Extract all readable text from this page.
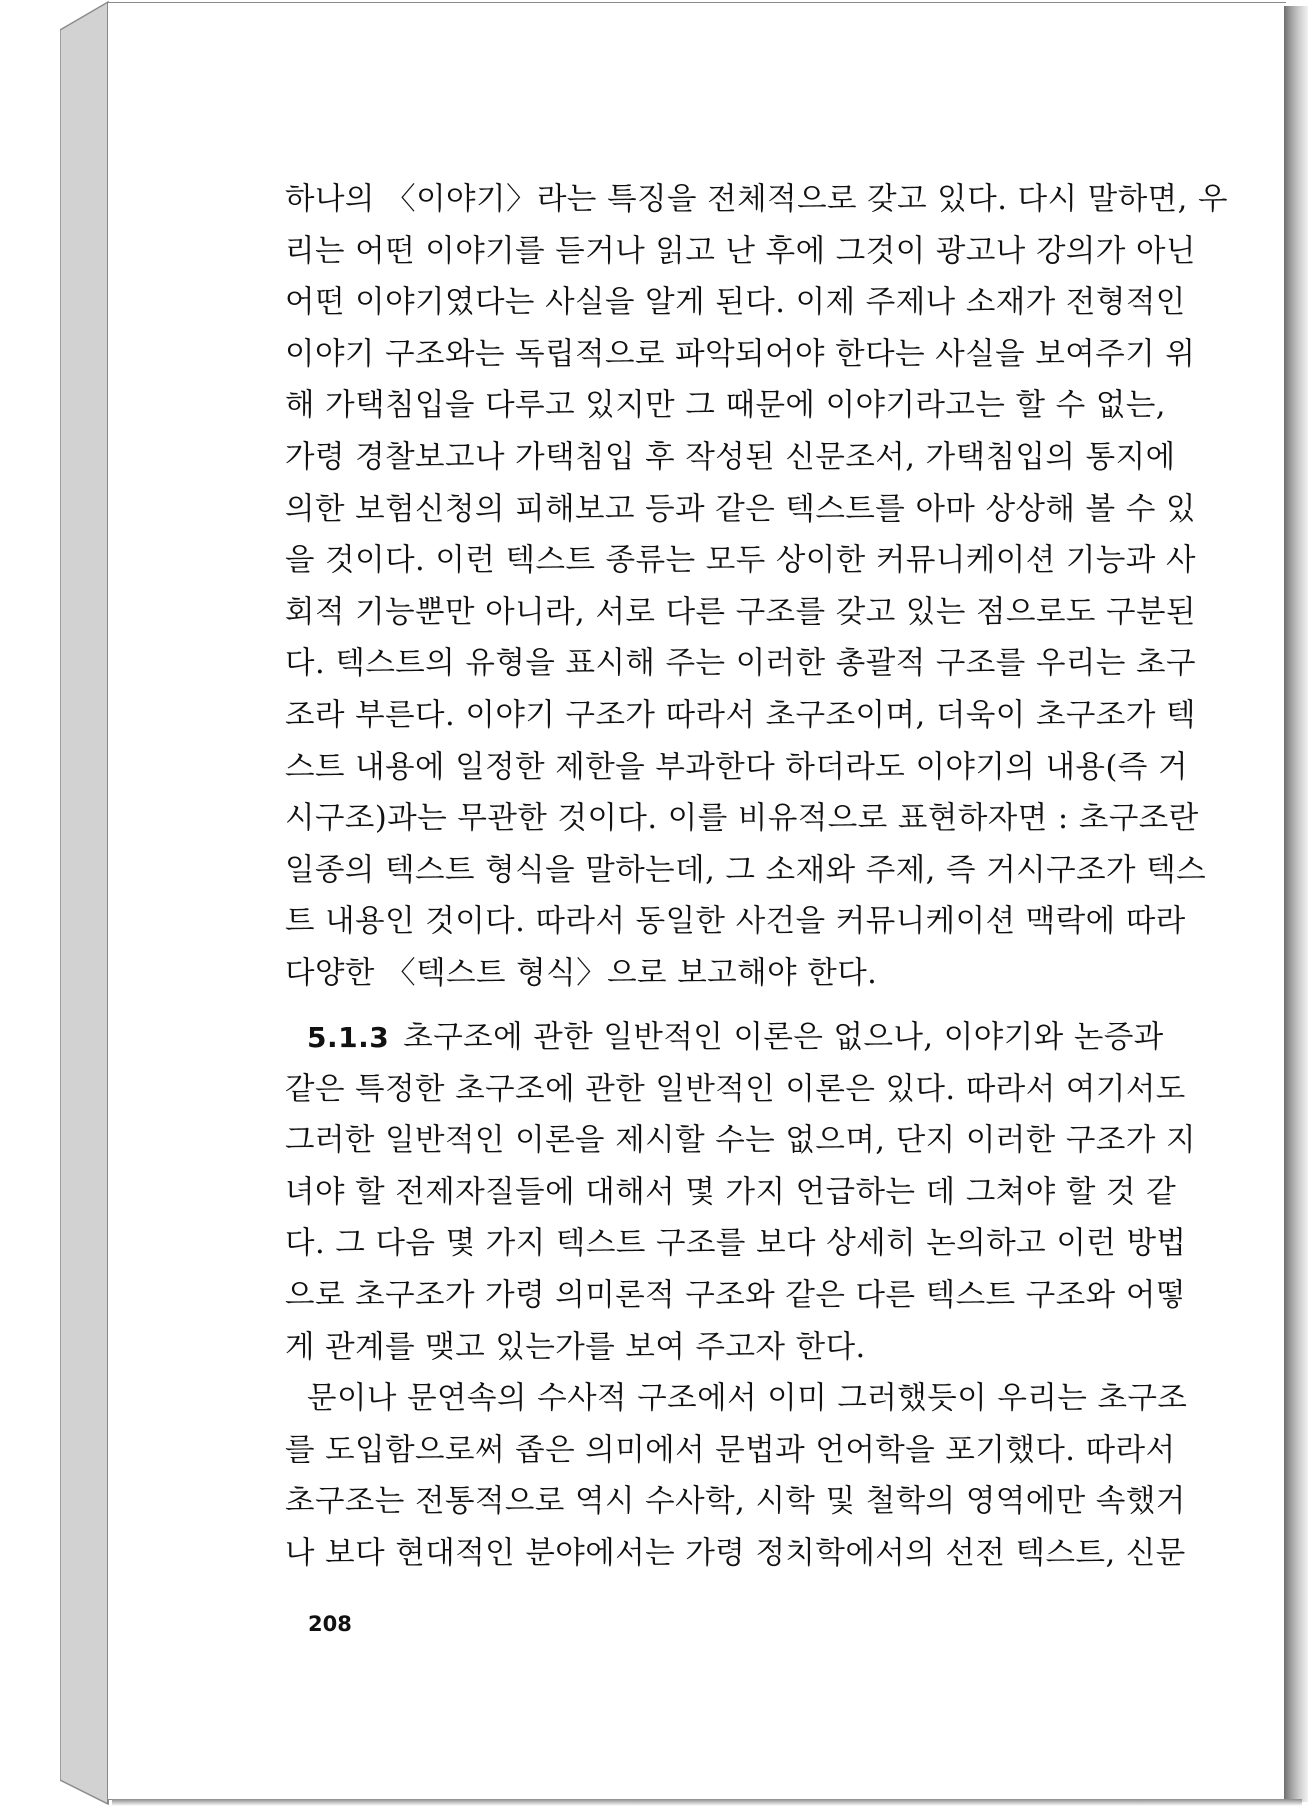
하나의 〈이야기〉라는 특징을 전체적으로 갖고 있다. 다시 말하면, 우
리는 어떤 이야기를 듣거나 읽고 난 후에 그것이 광고나 강의가 아닌
어떤 이야기였다는 사실을 알게 된다. 이제 주제나 소재가 전형적인
이야기 구조와는 독립적으로 파악되어야 한다는 사실을 보여주기 위
해 가택침입을 다루고 있지만 그 때문에 이야기라고는 할 수 없는,
가령 경찰보고나 가택침입 후 작성된 신문조서, 가택침입의 통지에
의한 보험신청의 피해보고 등과 같은 텍스트를 아마 상상해 볼 수 있
을 것이다. 이런 텍스트 종류는 모두 상이한 커뮤니케이션 기능과 사
회적 기능뿐만 아니라, 서로 다른 구조를 갖고 있는 점으로도 구분된
다. 텍스트의 유형을 표시해 주는 이러한 총괄적 구조를 우리는 초구
조라 부른다. 이야기 구조가 따라서 초구조이며, 더욱이 초구조가 텍
스트 내용에 일정한 제한을 부과한다 하더라도 이야기의 내용(즉 거
시구조)과는 무관한 것이다. 이를 비유적으로 표현하자면 : 초구조란
일종의 텍스트 형식을 말하는데, 그 소재와 주제, 즉 거시구조가 텍스
트 내용인 것이다. 따라서 동일한 사건을 커뮤니케이션 맥락에 따라
다양한 〈텍스트 형식〉으로 보고해야 한다.
5.1.3 초구조에 관한 일반적인 이론은 없으나, 이야기와 논증과
같은 특정한 초구조에 관한 일반적인 이론은 있다. 따라서 여기서도
그러한 일반적인 이론을 제시할 수는 없으며, 단지 이러한 구조가 지
녀야 할 전제자질들에 대해서 몇 가지 언급하는 데 그쳐야 할 것 같
다. 그 다음 몇 가지 텍스트 구조를 보다 상세히 논의하고 이런 방법
으로 초구조가 가령 의미론적 구조와 같은 다른 텍스트 구조와 어떻
게 관계를 맺고 있는가를 보여 주고자 한다.
문이나 문연속의 수사적 구조에서 이미 그러했듯이 우리는 초구조
를 도입함으로써 좁은 의미에서 문법과 언어학을 포기했다. 따라서
초구조는 전통적으로 역시 수사학, 시학 및 철학의 영역에만 속했거
나 보다 현대적인 분야에서는 가령 정치학에서의 선전 텍스트, 신문
208
